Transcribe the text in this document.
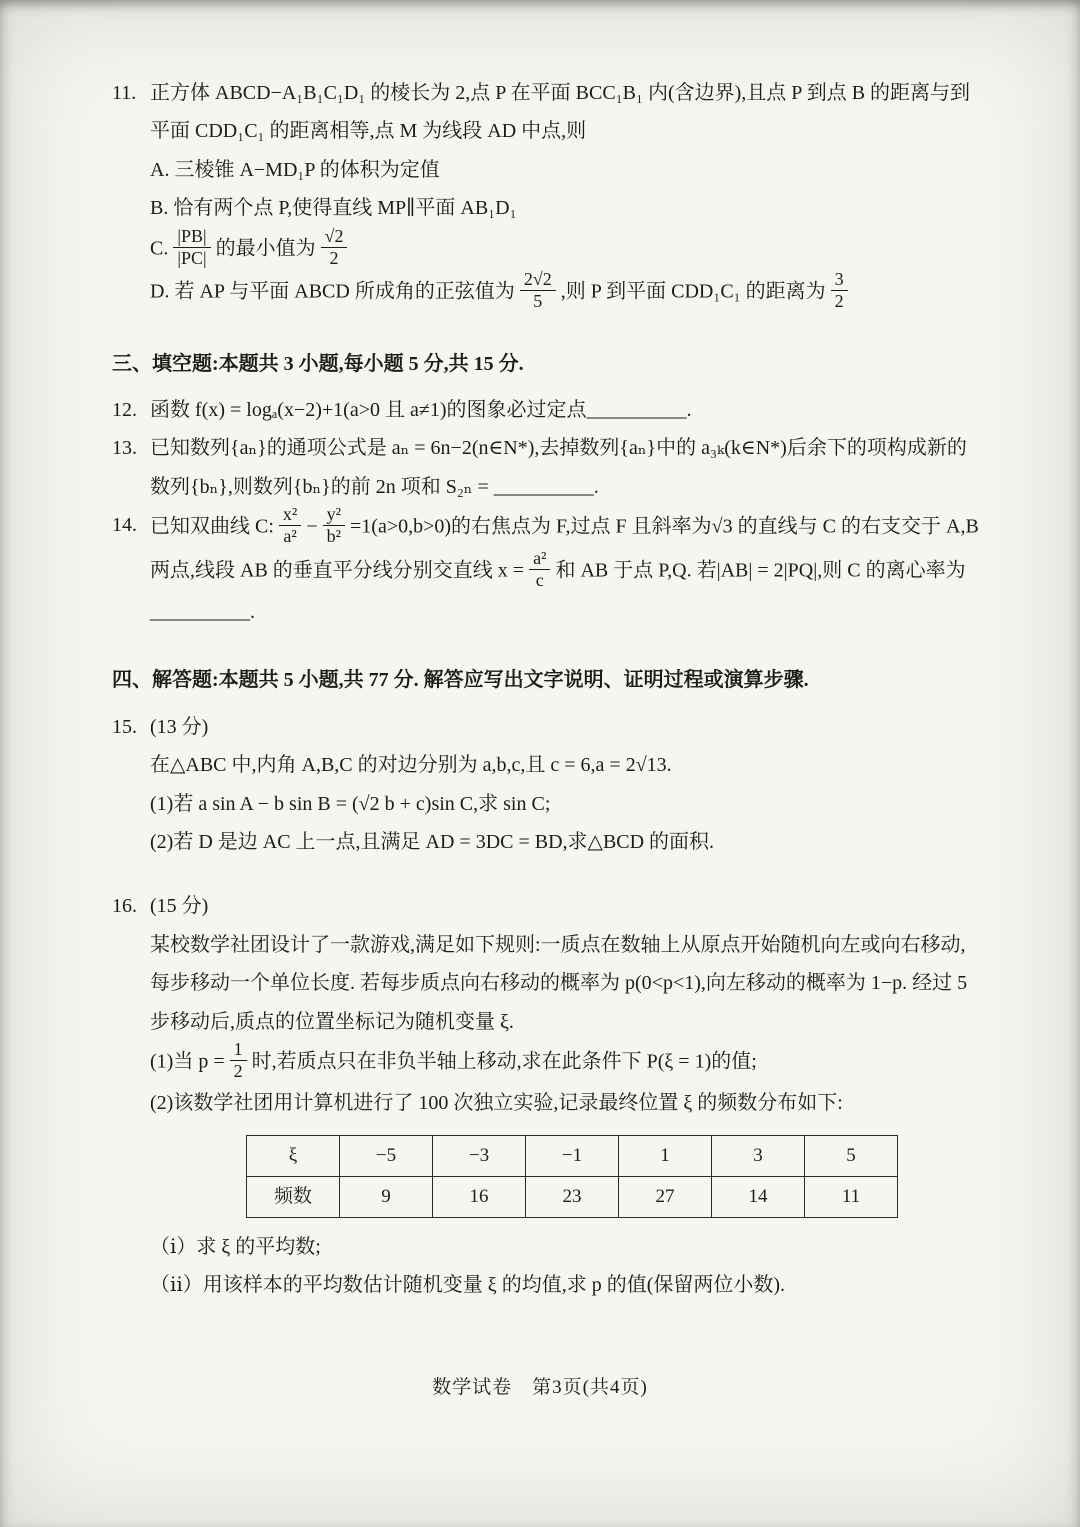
11. 正方体 ABCD−A₁B₁C₁D₁ 的棱长为 2,点 P 在平面 BCC₁B₁ 内(含边界),且点 P 到点 B 的距离与到平面 CDD₁C₁ 的距离相等,点 M 为线段 AD 中点,则

A. 三棱锥 A−MD₁P 的体积为定值

B. 恰有两个点 P,使得直线 MP∥平面 AB₁D₁

C. $\frac{|PB|}{|PC|}$ 的最小值为 $\frac{√2}{2}$

D. 若 AP 与平面 ABCD 所成角的正弦值为 $\frac{2√2}{5}$ ,则 P 到平面 CDD₁C₁ 的距离为 $\frac{3}{2}$

三、填空题:本题共 3 小题,每小题 5 分,共 15 分.

12. 函数 f(x) = logₐ(x−2)+1(a>0 且 a≠1)的图象必过定点__________.

13. 已知数列{aₙ}的通项公式是 aₙ = 6n−2(n∈N*),去掉数列{aₙ}中的 a₃ₖ(k∈N*)后余下的项构成新的数列{bₙ},则数列{bₙ}的前 2n 项和 S₂ₙ = __________.

14. 已知双曲线 C: $\frac{\text{x²}}{\text{a²}} - \frac{\text{y²}}{\text{b²}} =1(a>0,b>0)$的右焦点为 F,过点 F 且斜率为√3 的直线与 C 的右支交于 A,B 两点,线段 AB 的垂直平分线分别交直线 $x = \frac{\text{a²}}{c}$ 和 AB 于点 P,Q. 若|AB| = 2|PQ|,则 C 的离心率为__________.

四、解答题:本题共 5 小题,共 77 分. 解答应写出文字说明、证明过程或演算步骤.

15. (13 分)

在△ABC 中,内角 A,B,C 的对边分别为 a,b,c,且 c = 6,a = 2√13.

(1)若 a sin A − b sin B = (√2 b + c)sin C,求 sin C;

(2)若 D 是边 AC 上一点,且满足 AD = 3DC = BD,求△BCD 的面积.

16. (15 分)

某校数学社团设计了一款游戏,满足如下规则:一质点在数轴上从原点开始随机向左或向右移动,每步移动一个单位长度. 若每步质点向右移动的概率为 p(0<p<1),向左移动的概率为 1−p. 经过 5 步移动后,质点的位置坐标记为随机变量 ξ.

(1)当 $p = \frac{1}{2}$ 时,若质点只在非负半轴上移动,求在此条件下 P(ξ = 1)的值;

(2)该数学社团用计算机进行了 100 次独立实验,记录最终位置 ξ 的频数分布如下:

ξ	−5	−3	−1	1	3	5
频数	9	16	23	27	14	11

（ⅰ）求 ξ 的平均数;

（ⅱ）用该样本的平均数估计随机变量 ξ 的均值,求 p 的值(保留两位小数).

数学试卷　第3页(共4页)
